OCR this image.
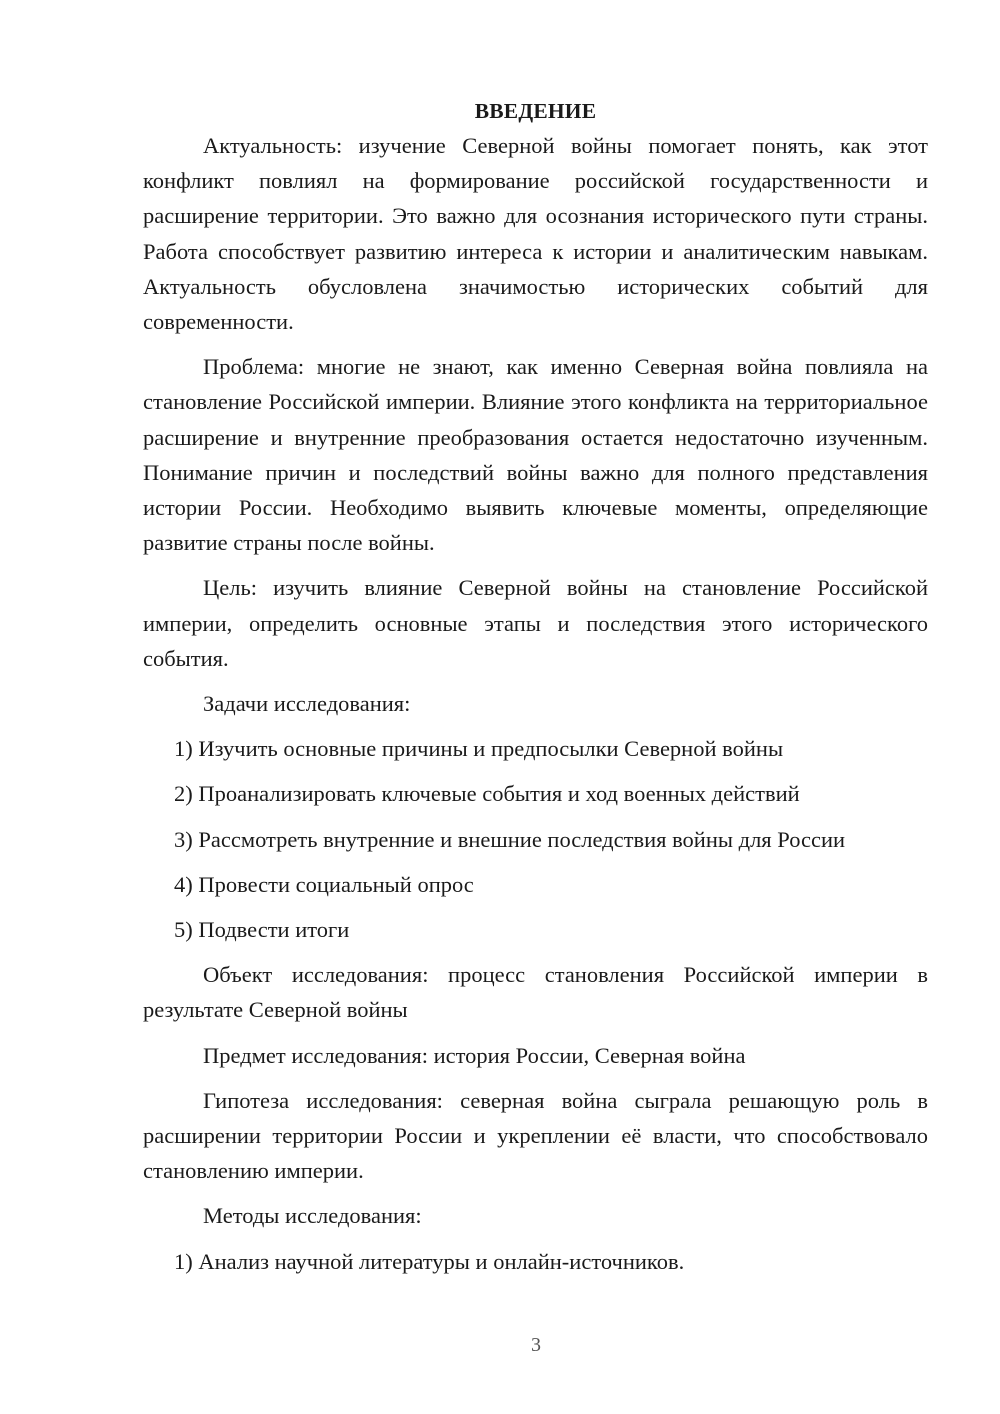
ВВЕДЕНИЕ

Актуальность: изучение Северной войны помогает понять, как этот конфликт повлиял на формирование российской государственности и расширение территории. Это важно для осознания исторического пути страны. Работа способствует развитию интереса к истории и аналитическим навыкам. Актуальность обусловлена значимостью исторических событий для современности.

Проблема: многие не знают, как именно Северная война повлияла на становление Российской империи. Влияние этого конфликта на территориальное расширение и внутренние преобразования остается недостаточно изученным. Понимание причин и последствий войны важно для полного представления истории России. Необходимо выявить ключевые моменты, определяющие развитие страны после войны.

Цель: изучить влияние Северной войны на становление Российской империи, определить основные этапы и последствия этого исторического события.

Задачи исследования:

1) Изучить основные причины и предпосылки Северной войны
2) Проанализировать ключевые события и ход военных действий
3) Рассмотреть внутренние и внешние последствия войны для России
4) Провести социальный опрос
5) Подвести итоги

Объект исследования: процесс становления Российской империи в результате Северной войны

Предмет исследования: история России, Северная война

Гипотеза исследования: северная война сыграла решающую роль в расширении территории России и укреплении её власти, что способствовало становлению империи.

Методы исследования:

1) Анализ научной литературы и онлайн-источников.
3
